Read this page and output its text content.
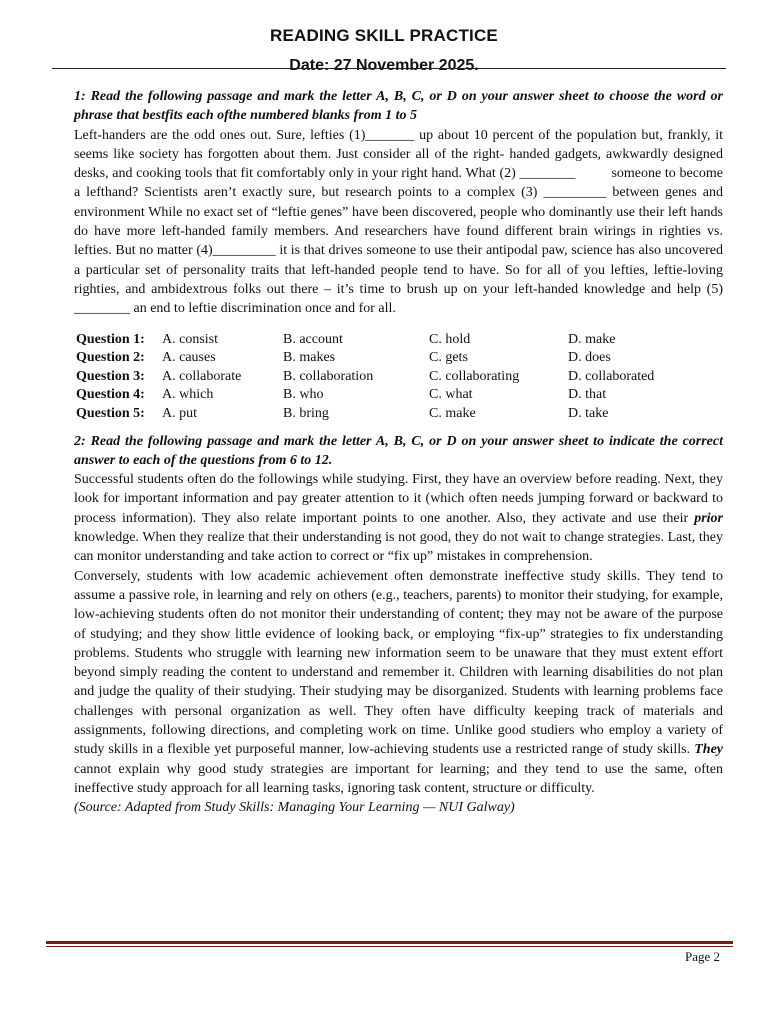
READING SKILL PRACTICE
Date: 27 November 2025.

1: Read the following passage and mark the letter A, B, C, or D on your answer sheet to choose the word or phrase that bestfits each ofthe numbered blanks from 1 to 5

Left-handers are the odd ones out. Sure, lefties (1)_______ up about 10 percent of the population but, frankly, it seems like society has forgotten about them. Just consider all of the right- handed gadgets, awkwardly designed desks, and cooking tools that fit comfortably only in your right hand. What (2) ________	someone to become a lefthand? Scientists aren’t exactly sure, but research points to a complex (3) _________ between genes and environment While no exact set of “leftie genes” have been discovered, people who dominantly use their left hands do have more left-handed family members. And researchers have found different brain wirings in righties vs. lefties. But no matter (4)_________ it is that drives someone to use their antipodal paw, science has also uncovered a particular set of personality traits that left-handed people tend to have. So for all of you lefties, leftie-loving righties, and ambidextrous folks out there – it’s time to brush up on your left-handed knowledge and help (5) ________ an end to leftie discrimination once and for all.

Question 1:	A. consist	B. account	C. hold	D. make
Question 2:	A. causes	B. makes	C. gets	D. does
Question 3:	A. collaborate	B. collaboration	C. collaborating	D. collaborated
Question 4:	A. which	B. who	C. what	D. that
Question 5:	A. put	B. bring	C. make	D. take

2: Read the following passage and mark the letter A, B, C, or D on your answer sheet to indicate the correct answer to each of the questions from 6 to 12.

Successful students often do the followings while studying. First, they have an overview before reading. Next, they look for important information and pay greater attention to it (which often needs jumping forward or backward to process information). They also relate important points to one another. Also, they activate and use their prior knowledge. When they realize that their understanding is not good, they do not wait to change strategies. Last, they can monitor understanding and take action to correct or “fix up” mistakes in comprehension.

Conversely, students with low academic achievement often demonstrate ineffective study skills. They tend to assume a passive role, in learning and rely on others (e.g., teachers, parents) to monitor their studying, for example, low-achieving students often do not monitor their understanding of content; they may not be aware of the purpose of studying; and they show little evidence of looking back, or employing “fix-up” strategies to fix understanding problems. Students who struggle with learning new information seem to be unaware that they must extent effort beyond simply reading the content to understand and remember it. Children with learning disabilities do not plan and judge the quality of their studying. Their studying may be disorganized. Students with learning problems face challenges with personal organization as well. They often have difficulty keeping track of materials and assignments, following directions, and completing work on time. Unlike good studiers who employ a variety of study skills in a flexible yet purposeful manner, low-achieving students use a restricted range of study skills. They cannot explain why good study strategies are important for learning; and they tend to use the same, often ineffective study approach for all learning tasks, ignoring task content, structure or difficulty.

(Source: Adapted from Study Skills: Managing Your Learning — NUI Galway)

Page 2
